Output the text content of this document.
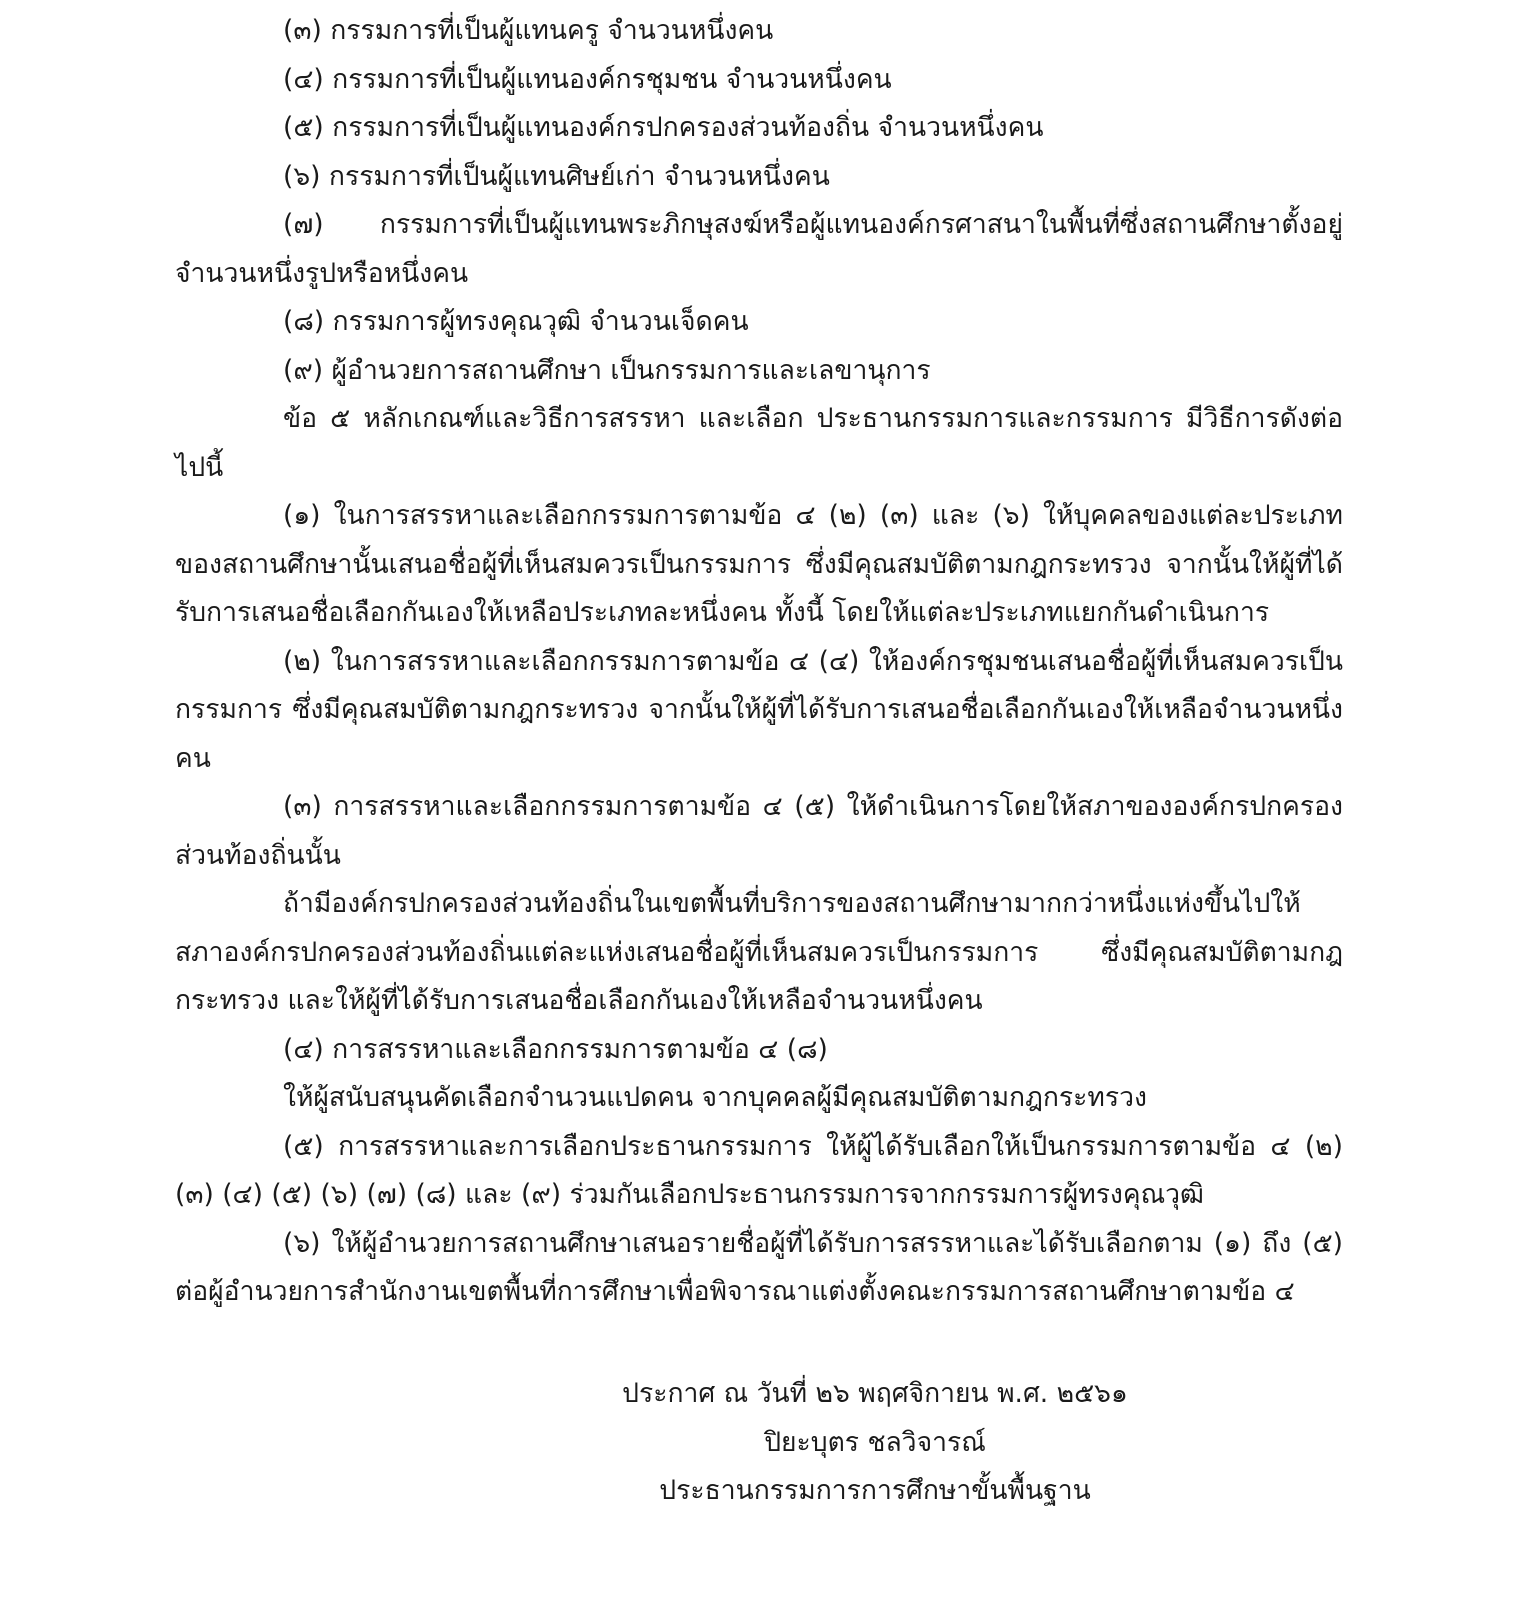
(๓) กรรมการที่เป็นผู้แทนครู จำนวนหนึ่งคน

(๔) กรรมการที่เป็นผู้แทนองค์กรชุมชน จำนวนหนึ่งคน

(๕) กรรมการที่เป็นผู้แทนองค์กรปกครองส่วนท้องถิ่น จำนวนหนึ่งคน

(๖) กรรมการที่เป็นผู้แทนศิษย์เก่า จำนวนหนึ่งคน

(๗) กรรมการที่เป็นผู้แทนพระภิกษุสงฆ์หรือผู้แทนองค์กรศาสนาในพื้นที่ซึ่งสถานศึกษาตั้งอยู่ จำนวนหนึ่งรูปหรือหนึ่งคน

(๘) กรรมการผู้ทรงคุณวุฒิ จำนวนเจ็ดคน

(๙) ผู้อำนวยการสถานศึกษา เป็นกรรมการและเลขานุการ

ข้อ ๕ หลักเกณฑ์และวิธีการสรรหา และเลือก ประธานกรรมการและกรรมการ มีวิธีการดังต่อไปนี้

(๑) ในการสรรหาและเลือกกรรมการตามข้อ ๔ (๒) (๓) และ (๖) ให้บุคคลของแต่ละประเภทของสถานศึกษานั้นเสนอชื่อผู้ที่เห็นสมควรเป็นกรรมการ ซึ่งมีคุณสมบัติตามกฎกระทรวง จากนั้นให้ผู้ที่ได้รับการเสนอชื่อเลือกกันเองให้เหลือประเภทละหนึ่งคน ทั้งนี้ โดยให้แต่ละประเภทแยกกันดำเนินการ

(๒) ในการสรรหาและเลือกกรรมการตามข้อ ๔ (๔) ให้องค์กรชุมชนเสนอชื่อผู้ที่เห็นสมควรเป็นกรรมการ ซึ่งมีคุณสมบัติตามกฎกระทรวง จากนั้นให้ผู้ที่ได้รับการเสนอชื่อเลือกกันเองให้เหลือจำนวนหนึ่งคน

(๓) การสรรหาและเลือกกรรมการตามข้อ ๔ (๕) ให้ดำเนินการโดยให้สภาขององค์กรปกครองส่วนท้องถิ่นนั้น

ถ้ามีองค์กรปกครองส่วนท้องถิ่นในเขตพื้นที่บริการของสถานศึกษามากกว่าหนึ่งแห่งขึ้นไปให้สภาองค์กรปกครองส่วนท้องถิ่นแต่ละแห่งเสนอชื่อผู้ที่เห็นสมควรเป็นกรรมการ ซึ่งมีคุณสมบัติตามกฎกระทรวง และให้ผู้ที่ได้รับการเสนอชื่อเลือกกันเองให้เหลือจำนวนหนึ่งคน

(๔) การสรรหาและเลือกกรรมการตามข้อ ๔ (๘)

ให้ผู้สนับสนุนคัดเลือกจำนวนแปดคน จากบุคคลผู้มีคุณสมบัติตามกฎกระทรวง

(๕) การสรรหาและการเลือกประธานกรรมการ ให้ผู้ได้รับเลือกให้เป็นกรรมการตามข้อ ๔ (๒) (๓) (๔) (๕) (๖) (๗) (๘) และ (๙) ร่วมกันเลือกประธานกรรมการจากกรรมการผู้ทรงคุณวุฒิ

(๖) ให้ผู้อำนวยการสถานศึกษาเสนอรายชื่อผู้ที่ได้รับการสรรหาและได้รับเลือกตาม (๑) ถึง (๕) ต่อผู้อำนวยการสำนักงานเขตพื้นที่การศึกษาเพื่อพิจารณาแต่งตั้งคณะกรรมการสถานศึกษาตามข้อ ๔

ประกาศ ณ วันที่ ๒๖ พฤศจิกายน พ.ศ. ๒๕๖๑
ปิยะบุตร ชลวิจารณ์
ประธานกรรมการการศึกษาขั้นพื้นฐาน
